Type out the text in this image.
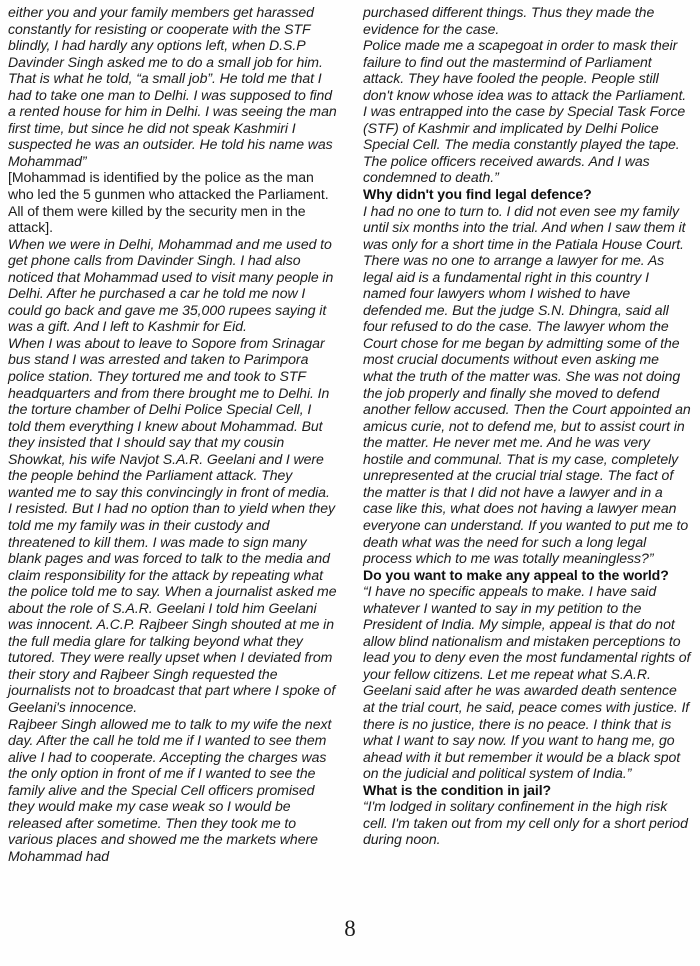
either you and your family members get harassed constantly for resisting or cooperate with the STF blindly, I had hardly any options left, when D.S.P Davinder Singh asked me to do a small job for him. That is what he told, “a small job”. He told me that I had to take one man to Delhi. I was supposed to find a rented house for him in Delhi. I was seeing the man first time, but since he did not speak Kashmiri I suspected he was an outsider. He told his name was Mohammad”

[Mohammad is identified by the police as the man who led the 5 gunmen who attacked the Parliament. All of them were killed by the security men in the attack].

When we were in Delhi, Mohammad and me used to get phone calls from Davinder Singh. I had also noticed that Mohammad used to visit many people in Delhi. After he purchased a car he told me now I could go back and gave me 35,000 rupees saying it was a gift. And I left to Kashmir for Eid.

When I was about to leave to Sopore from Srinagar bus stand I was arrested and taken to Parimpora police station. They tortured me and took to STF headquarters and from there brought me to Delhi. In the torture chamber of Delhi Police Special Cell, I told them everything I knew about Mohammad. But they insisted that I should say that my cousin Showkat, his wife Navjot S.A.R. Geelani and I were the people behind the Parliament attack. They wanted me to say this convincingly in front of media. I resisted. But I had no option than to yield when they told me my family was in their custody and threatened to kill them. I was made to sign many blank pages and was forced to talk to the media and claim responsibility for the attack by repeating what the police told me to say. When a journalist asked me about the role of S.A.R. Geelani I told him Geelani was innocent. A.C.P. Rajbeer Singh shouted at me in the full media glare for talking beyond what they tutored. They were really upset when I deviated from their story and Rajbeer Singh requested the journalists not to broadcast that part where I spoke of Geelani's innocence.

Rajbeer Singh allowed me to talk to my wife the next day. After the call he told me if I wanted to see them alive I had to cooperate. Accepting the charges was the only option in front of me if I wanted to see the family alive and the Special Cell officers promised they would make my case weak so I would be released after sometime. Then they took me to various places and showed me the markets where Mohammad had

purchased different things. Thus they made the evidence for the case.

Police made me a scapegoat in order to mask their failure to find out the mastermind of Parliament attack. They have fooled the people. People still don't know whose idea was to attack the Parliament. I was entrapped into the case by Special Task Force (STF) of Kashmir and implicated by Delhi Police Special Cell. The media constantly played the tape. The police officers received awards. And I was condemned to death.”

Why didn't you find legal defence?

I had no one to turn to. I did not even see my family until six months into the trial. And when I saw them it was only for a short time in the Patiala House Court. There was no one to arrange a lawyer for me. As legal aid is a fundamental right in this country I named four lawyers whom I wished to have defended me. But the judge S.N. Dhingra, said all four refused to do the case. The lawyer whom the Court chose for me began by admitting some of the most crucial documents without even asking me what the truth of the matter was. She was not doing the job properly and finally she moved to defend another fellow accused. Then the Court appointed an amicus curie, not to defend me, but to assist court in the matter. He never met me. And he was very hostile and communal. That is my case, completely unrepresented at the crucial trial stage. The fact of the matter is that I did not have a lawyer and in a case like this, what does not having a lawyer mean everyone can understand. If you wanted to put me to death what was the need for such a long legal process which to me was totally meaningless?”

Do you want to make any appeal to the world?

“I have no specific appeals to make. I have said whatever I wanted to say in my petition to the President of India. My simple, appeal is that do not allow blind nationalism and mistaken perceptions to lead you to deny even the most fundamental rights of your fellow citizens. Let me repeat what S.A.R. Geelani said after he was awarded death sentence at the trial court, he said, peace comes with justice. If there is no justice, there is no peace. I think that is what I want to say now. If you want to hang me, go ahead with it but remember it would be a black spot on the judicial and political system of India.”

What is the condition in jail?

“I'm lodged in solitary confinement in the high risk cell. I'm taken out from my cell only for a short period during noon.

8
